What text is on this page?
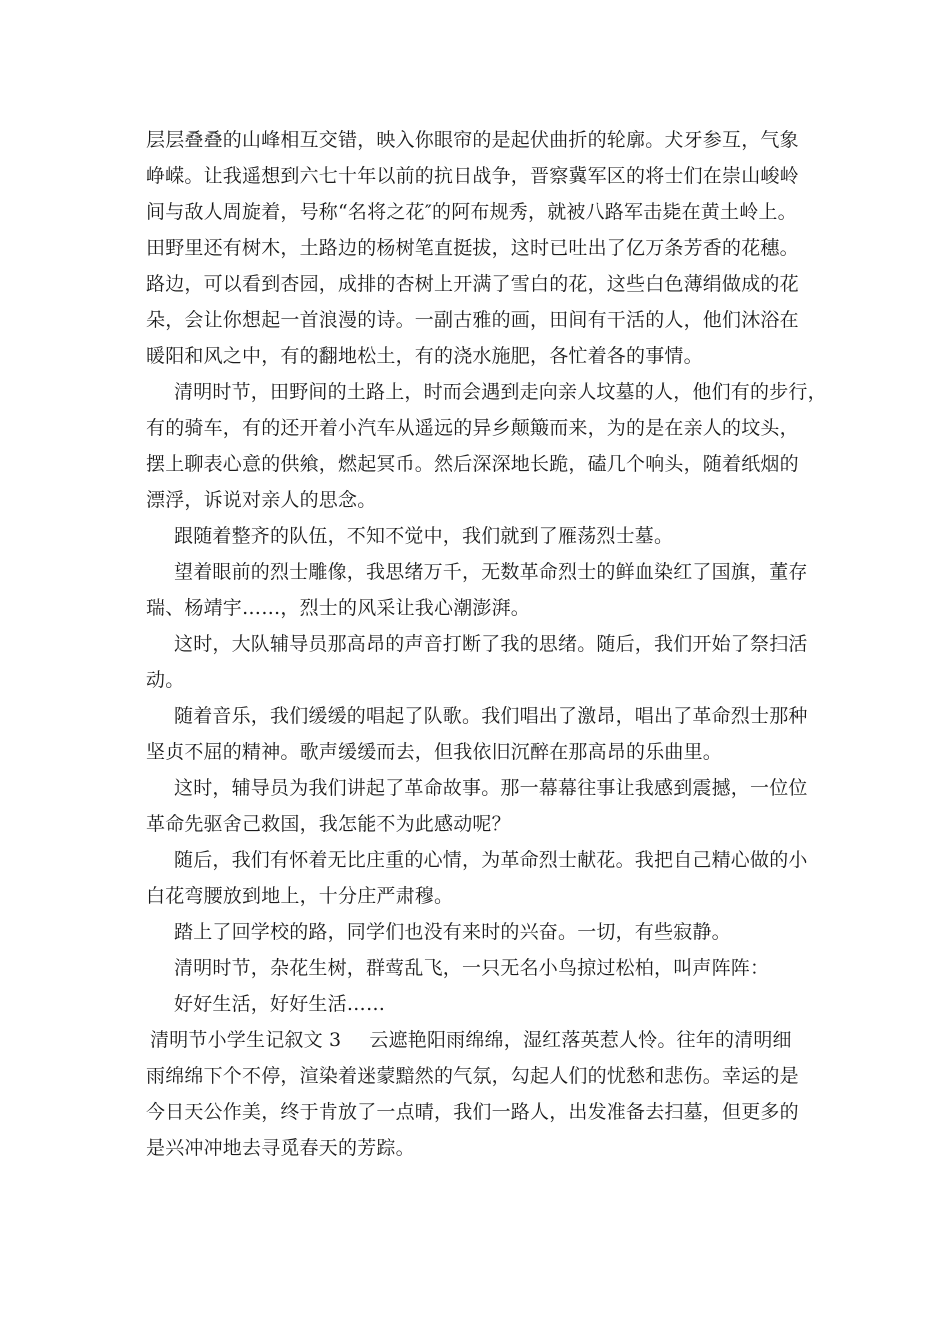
层层叠叠的山峰相互交错，映入你眼帘的是起伏曲折的轮廓。犬牙参互，气象
峥嵘。让我遥想到六七十年以前的抗日战争，晋察冀军区的将士们在崇山峻岭
间与敌人周旋着，号称“名将之花″的阿布规秀，就被八路军击毙在黄土岭上。
田野里还有树木，土路边的杨树笔直挺拔，这时已吐出了亿万条芳香的花穗。
路边，可以看到杏园，成排的杏树上开满了雪白的花，这些白色薄绢做成的花
朵，会让你想起一首浪漫的诗。一副古雅的画，田间有干活的人，他们沐浴在
暖阳和风之中，有的翻地松土，有的浇水施肥，各忙着各的事情。
清明时节，田野间的土路上，时而会遇到走向亲人坟墓的人，他们有的步行，
有的骑车，有的还开着小汽车从遥远的异乡颠簸而来，为的是在亲人的坟头，
摆上聊表心意的供飨，燃起冥币。然后深深地长跪，磕几个响头，随着纸烟的
漂浮，诉说对亲人的思念。
跟随着整齐的队伍，不知不觉中，我们就到了雁荡烈士墓。
望着眼前的烈士雕像，我思绪万千，无数革命烈士的鲜血染红了国旗，董存
瑞、杨靖宇……，烈士的风采让我心潮澎湃。
这时，大队辅导员那高昂的声音打断了我的思绪。随后，我们开始了祭扫活
动。
随着音乐，我们缓缓的唱起了队歌。我们唱出了激昂，唱出了革命烈士那种
坚贞不屈的精神。歌声缓缓而去，但我依旧沉醉在那高昂的乐曲里。
这时，辅导员为我们讲起了革命故事。那一幕幕往事让我感到震撼，一位位
革命先驱舍己救国，我怎能不为此感动呢？
随后，我们有怀着无比庄重的心情，为革命烈士献花。我把自己精心做的小
白花弯腰放到地上，十分庄严肃穆。
踏上了回学校的路，同学们也没有来时的兴奋。一切，有些寂静。
清明时节，杂花生树，群莺乱飞，一只无名小鸟掠过松柏，叫声阵阵：
好好生活，好好生活……
清明节小学生记叙文 3 云遮艳阳雨绵绵，湿红落英惹人怜。往年的清明细
雨绵绵下个不停，渲染着迷蒙黯然的气氛，勾起人们的忧愁和悲伤。幸运的是
今日天公作美，终于肯放了一点晴，我们一路人，出发准备去扫墓，但更多的
是兴冲冲地去寻觅春天的芳踪。
